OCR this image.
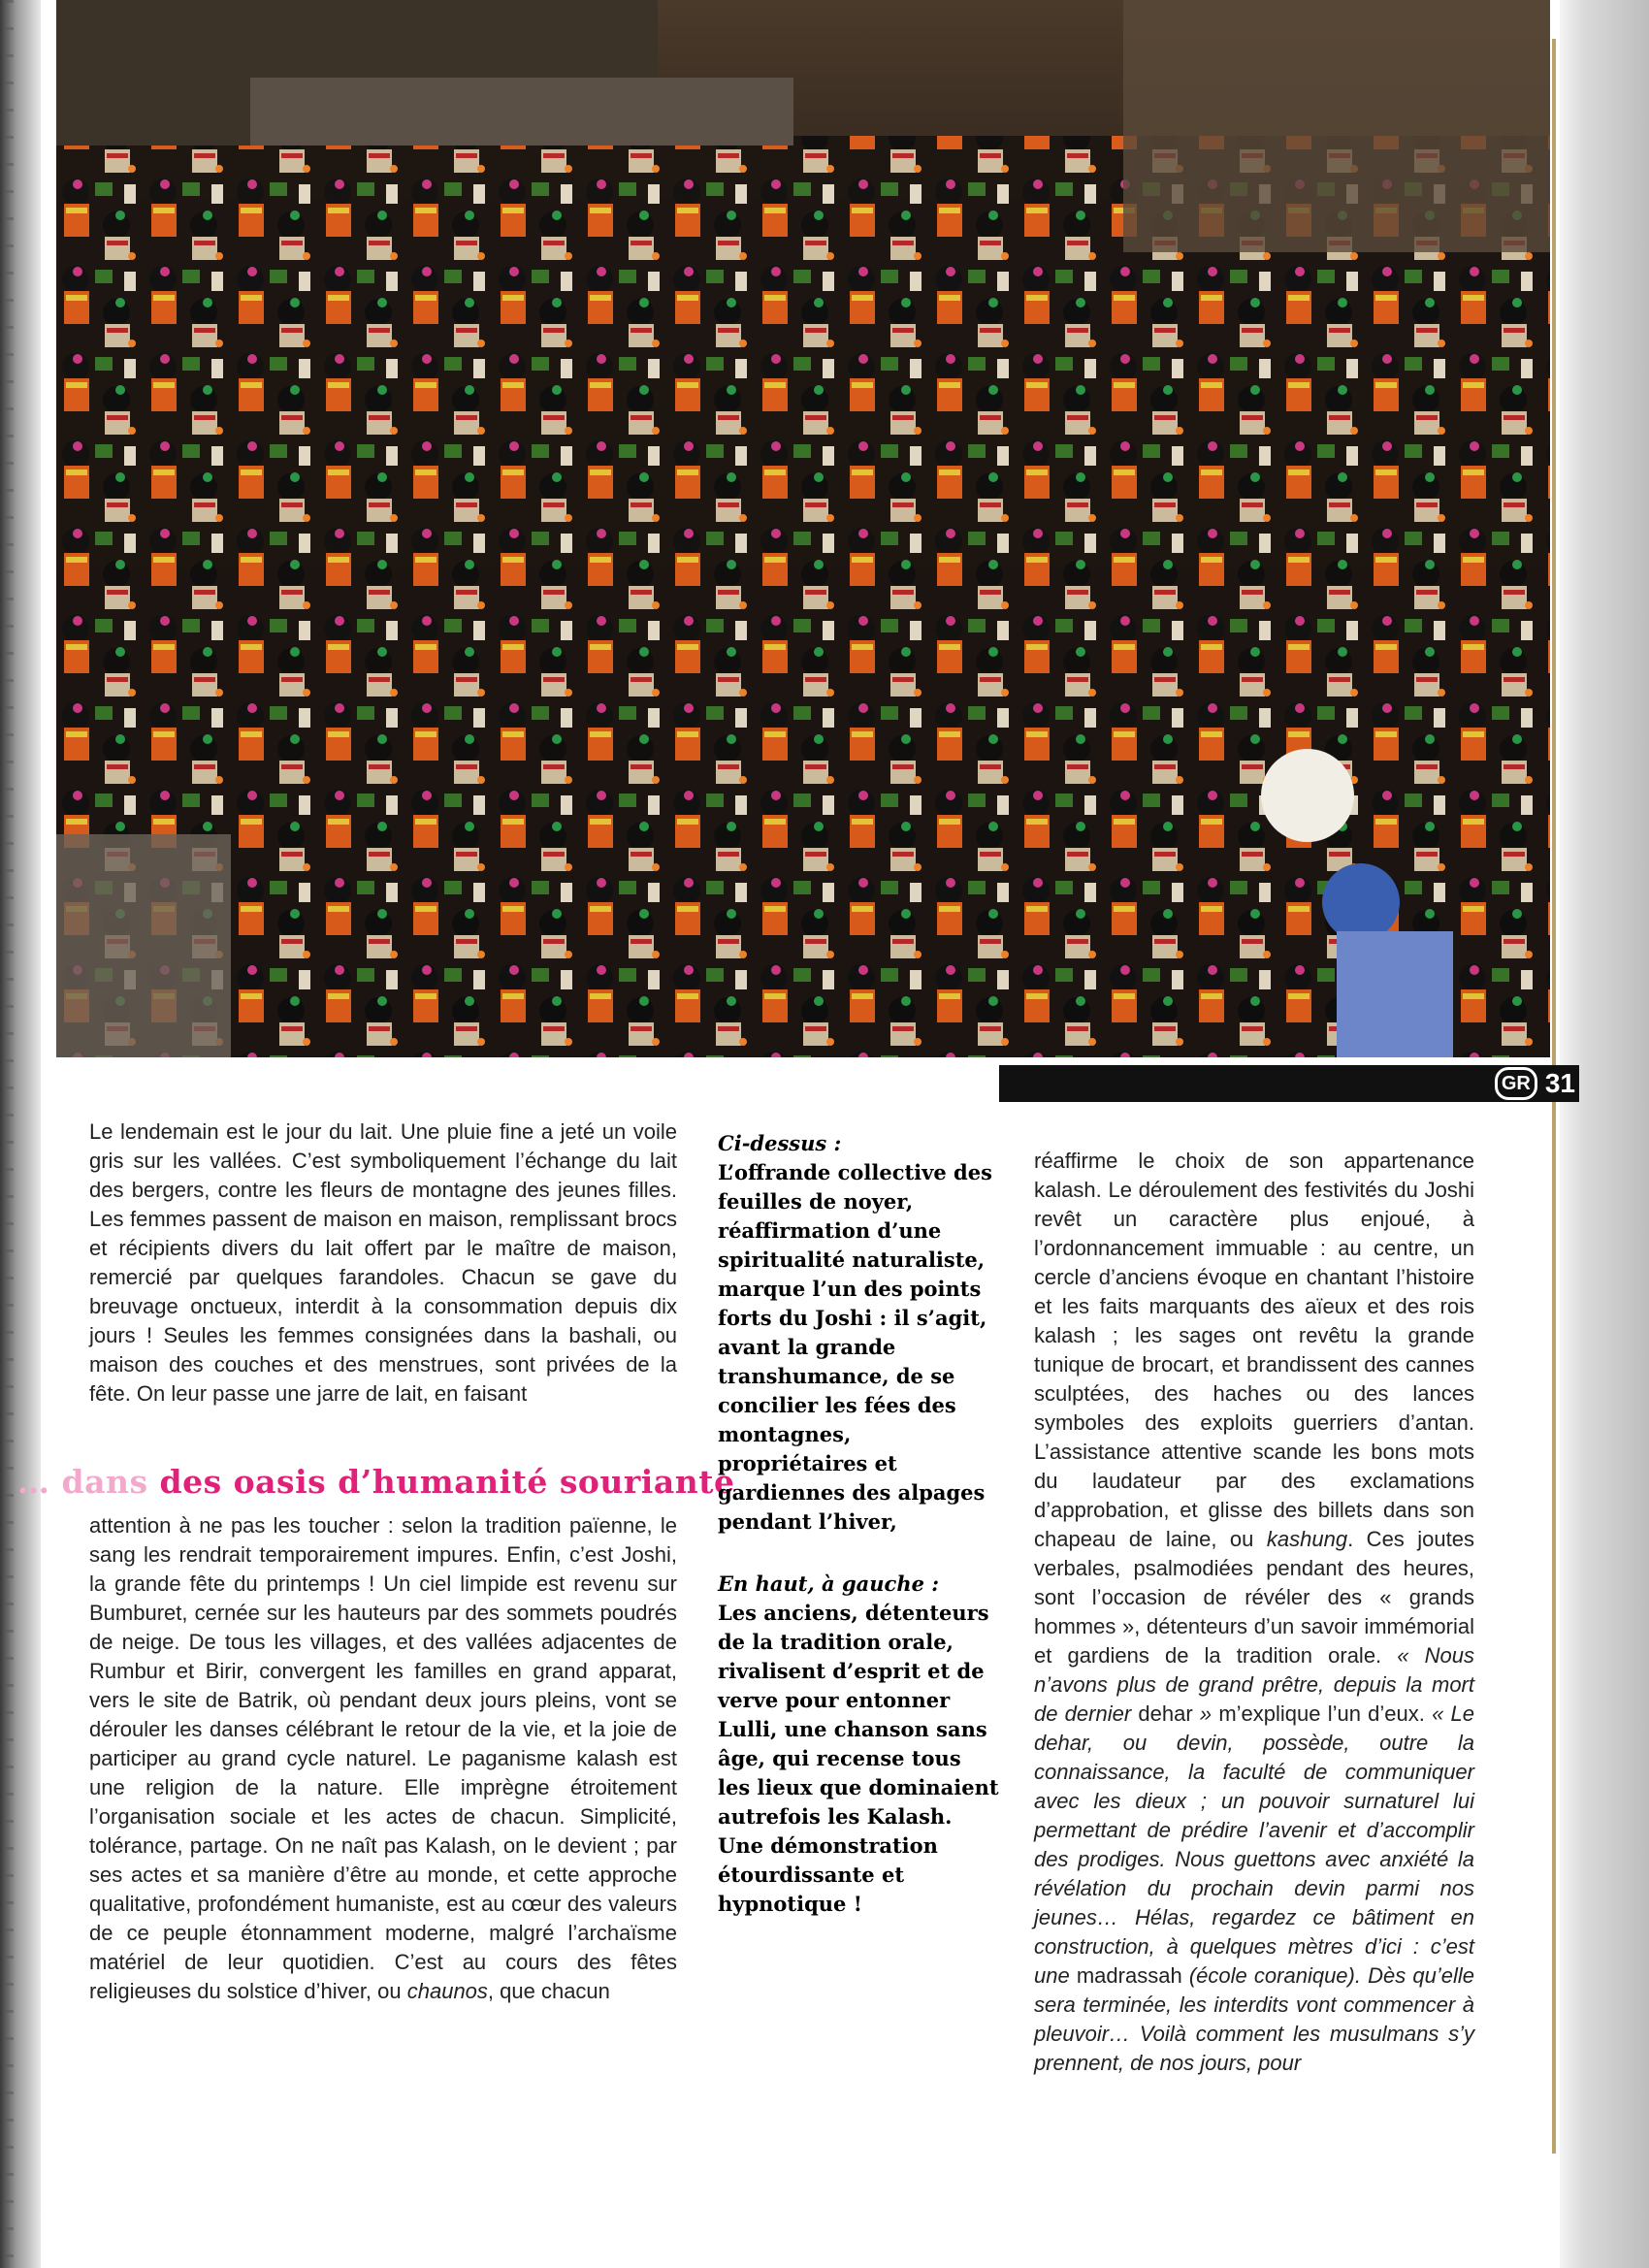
GR 31

Le lendemain est le jour du lait. Une pluie fine a jeté un voile gris sur les vallées. C’est symboliquement l’échange du lait des bergers, contre les fleurs de montagne des jeunes filles. Les femmes passent de maison en maison, remplissant brocs et récipients divers du lait offert par le maître de maison, remercié par quelques farandoles. Chacun se gave du breuvage onctueux, interdit à la consommation depuis dix jours ! Seules les femmes consignées dans la bashali, ou maison des couches et des menstrues, sont privées de la fête. On leur passe une jarre de lait, en faisant

… dans des oasis d’humanité souriante

attention à ne pas les toucher : selon la tradition païenne, le sang les rendrait temporairement impures. Enfin, c’est Joshi, la grande fête du printemps ! Un ciel limpide est revenu sur Bumburet, cernée sur les hauteurs par des sommets poudrés de neige. De tous les villages, et des vallées adjacentes de Rumbur et Birir, convergent les familles en grand apparat, vers le site de Batrik, où pendant deux jours pleins, vont se dérouler les danses célébrant le retour de la vie, et la joie de participer au grand cycle naturel. Le paganisme kalash est une religion de la nature. Elle imprègne étroitement l’organisation sociale et les actes de chacun. Simplicité, tolérance, partage. On ne naît pas Kalash, on le devient ; par ses actes et sa manière d’être au monde, et cette approche qualitative, profondément humaniste, est au cœur des valeurs de ce peuple étonnamment moderne, malgré l’archaïsme matériel de leur quotidien. C’est au cours des fêtes religieuses du solstice d’hiver, ou chaunos, que chacun

Ci-dessus :
L’offrande collective des feuilles de noyer, réaffirmation d’une spiritualité naturaliste, marque l’un des points forts du Joshi : il s’agit, avant la grande transhumance, de se concilier les fées des montagnes, propriétaires et gardiennes des alpages pendant l’hiver,
En haut, à gauche :
Les anciens, détenteurs de la tradition orale, rivalisent d’esprit et de verve pour entonner Lulli, une chanson sans âge, qui recense tous les lieux que dominaient autrefois les Kalash. Une démonstration étourdissante et hypnotique !

réaffirme le choix de son appartenance kalash. Le déroulement des festivités du Joshi revêt un caractère plus enjoué, à l’ordonnancement immuable : au centre, un cercle d’anciens évoque en chantant l’histoire et les faits marquants des aïeux et des rois kalash ; les sages ont revêtu la grande tunique de brocart, et brandissent des cannes sculptées, des haches ou des lances symboles des exploits guerriers d’antan. L’assistance attentive scande les bons mots du laudateur par des exclamations d’approbation, et glisse des billets dans son chapeau de laine, ou kashung. Ces joutes verbales, psalmodiées pendant des heures, sont l’occasion de révéler des « grands hommes », détenteurs d’un savoir immémorial et gardiens de la tradition orale. « Nous n’avons plus de grand prêtre, depuis la mort de dernier dehar » m’explique l’un d’eux. « Le dehar, ou devin, possède, outre la connaissance, la faculté de communiquer avec les dieux ; un pouvoir surnaturel lui permettant de prédire l’avenir et d’accomplir des prodiges. Nous guettons avec anxiété la révélation du prochain devin parmi nos jeunes… Hélas, regardez ce bâtiment en construction, à quelques mètres d’ici : c’est une madrassah (école coranique). Dès qu’elle sera terminée, les interdits vont commencer à pleuvoir… Voilà comment les musulmans s’y prennent, de nos jours, pour
